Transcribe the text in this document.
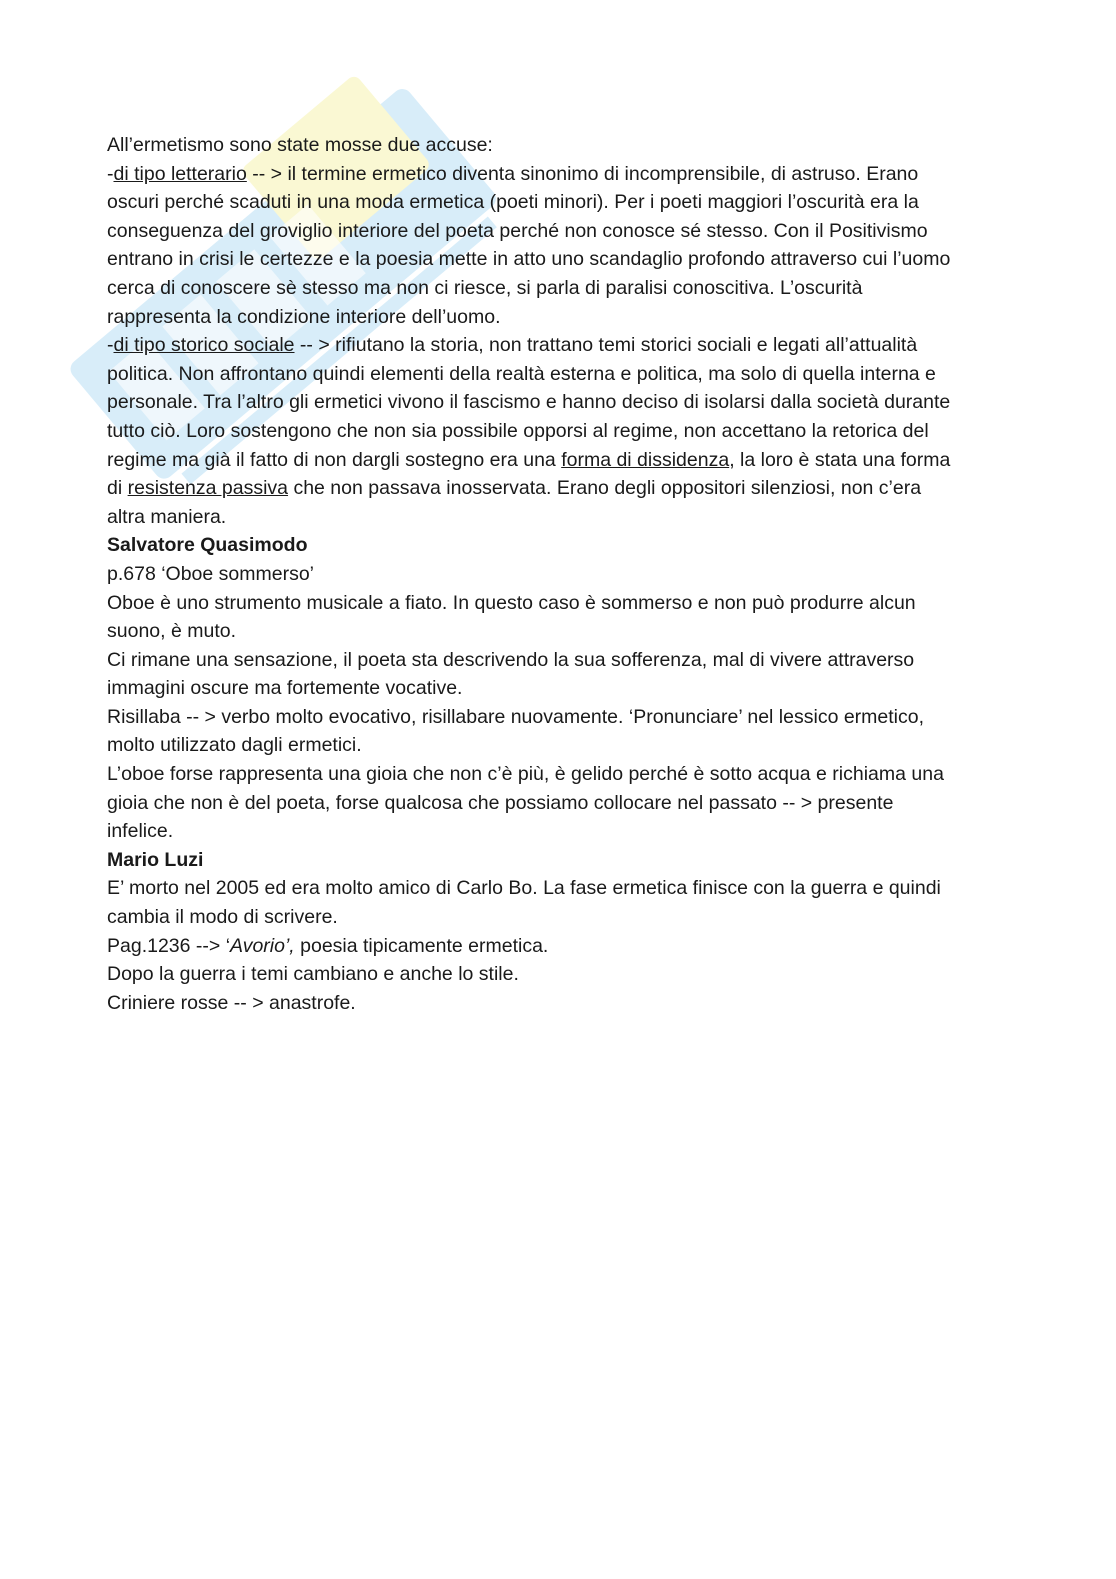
All’ermetismo sono state mosse due accuse:
-di tipo letterario -- > il termine ermetico diventa sinonimo di incomprensibile, di astruso. Erano
oscuri perché scaduti in una moda ermetica (poeti minori). Per i poeti maggiori l’oscurità era la
conseguenza del groviglio interiore del poeta perché non conosce sé stesso. Con il Positivismo
entrano in crisi le certezze e la poesia mette in atto uno scandaglio profondo attraverso cui l’uomo
cerca di conoscere sè stesso ma non ci riesce, si parla di paralisi conoscitiva. L’oscurità
rappresenta la condizione interiore dell’uomo.
-di tipo storico sociale -- > rifiutano la storia, non trattano temi storici sociali e legati all’attualità
politica. Non affrontano quindi elementi della realtà esterna e politica, ma solo di quella interna e
personale. Tra l’altro gli ermetici vivono il fascismo e hanno deciso di isolarsi dalla società durante
tutto ciò. Loro sostengono che non sia possibile opporsi al regime, non accettano la retorica del
regime ma già il fatto di non dargli sostegno era una forma di dissidenza, la loro è stata una forma
di resistenza passiva che non passava inosservata. Erano degli oppositori silenziosi, non c’era
altra maniera.
Salvatore Quasimodo
p.678 ‘Oboe sommerso’
Oboe è uno strumento musicale a fiato. In questo caso è sommerso e non può produrre alcun
suono, è muto.
Ci rimane una sensazione, il poeta sta descrivendo la sua sofferenza, mal di vivere attraverso
immagini oscure ma fortemente vocative.
Risillaba -- > verbo molto evocativo, risillabare nuovamente. ‘Pronunciare’ nel lessico ermetico,
molto utilizzato dagli ermetici.
L’oboe forse rappresenta una gioia che non c’è più, è gelido perché è sotto acqua e richiama una
gioia che non è del poeta, forse qualcosa che possiamo collocare nel passato -- > presente
infelice.
Mario Luzi
E’ morto nel 2005 ed era molto amico di Carlo Bo. La fase ermetica finisce con la guerra e quindi
cambia il modo di scrivere.
Pag.1236 --> ‘Avorio’, poesia tipicamente ermetica.
Dopo la guerra i temi cambiano e anche lo stile.
Criniere rosse -- > anastrofe.
